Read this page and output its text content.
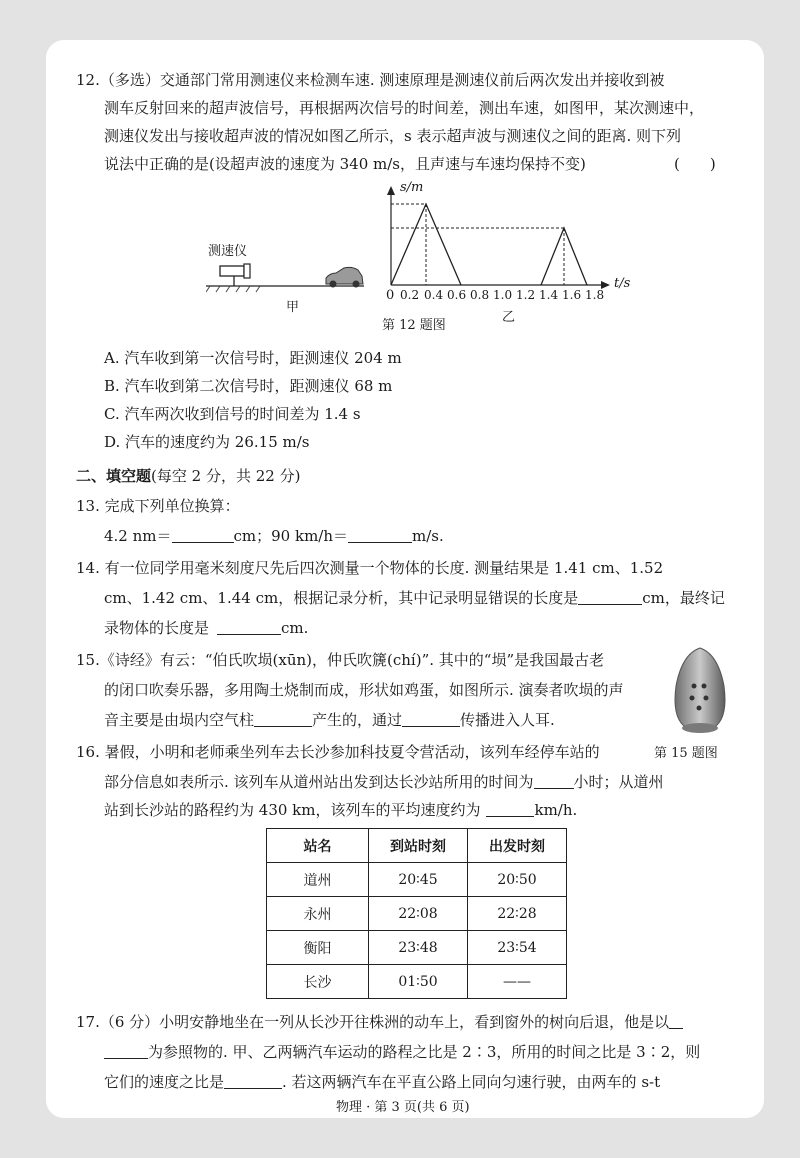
12.（多选）交通部门常用测速仪来检测车速. 测速原理是测速仪前后两次发出并接收到被
测车反射回来的超声波信号，再根据两次信号的时间差，测出车速，如图甲，某次测速中，
测速仪发出与接收超声波的情况如图乙所示，s 表示超声波与测速仪之间的距离. 则下列
说法中正确的是(设超声波的速度为 340 m/s，且声速与车速均保持不变)	(　　)
测速仪
甲
s/m
t/s
0 0.2 0.4 0.6 0.8 1.0 1.2 1.4 1.6 1.8
乙
第 12 题图
A. 汽车收到第一次信号时，距测速仪 204 m
B. 汽车收到第二次信号时，距测速仪 68 m
C. 汽车两次收到信号的时间差为 1.4 s
D. 汽车的速度约为 26.15 m/s
二、填空题(每空 2 分，共 22 分)
13. 完成下列单位换算：
4.2 nm＝	cm；90 km/h＝	m/s.
14. 有一位同学用毫米刻度尺先后四次测量一个物体的长度. 测量结果是 1.41 cm、1.52
cm、1.42 cm、1.44 cm，根据记录分析，其中记录明显错误的长度是	cm，最终记
录物体的长度是	cm.
15.《诗经》有云：“伯氏吹埙(xūn)，仲氏吹篪(chí)”. 其中的“埙”是我国最古老
的闭口吹奏乐器，多用陶土烧制而成，形状如鸡蛋，如图所示. 演奏者吹埙的声
音主要是由埙内空气柱	产生的，通过	传播进入人耳.
16. 暑假，小明和老师乘坐列车去长沙参加科技夏令营活动，该列车经停车站的	第 15 题图
部分信息如表所示. 该列车从道州站出发到达长沙站所用的时间为	小时；从道州
站到长沙站的路程约为 430 km，该列车的平均速度约为	km/h.
站名	到站时刻	出发时刻
道州	20∶45	20∶50
永州	22∶08	22∶28
衡阳	23∶48	23∶54
长沙	01∶50	——
17.（6 分）小明安静地坐在一列从长沙开往株洲的动车上，看到窗外的树向后退，他是以
为参照物的. 甲、乙两辆汽车运动的路程之比是 2∶3，所用的时间之比是 3∶2，则
它们的速度之比是	. 若这两辆汽车在平直公路上同向匀速行驶，由两车的 s-t
物理 · 第 3 页(共 6 页)
